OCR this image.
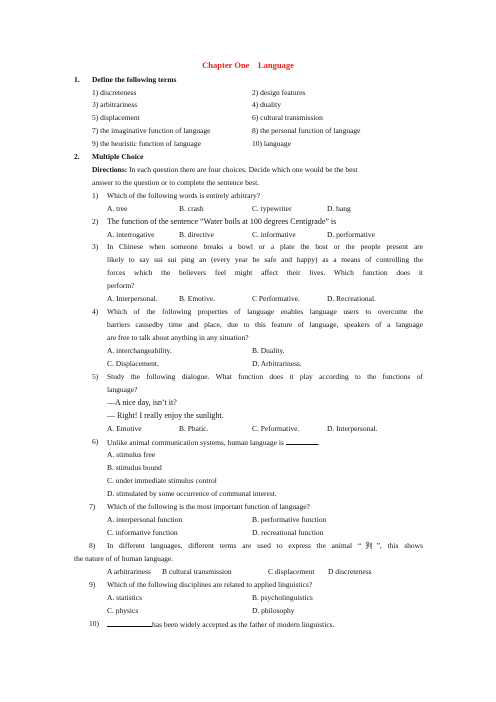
Chapter One    Language
1. Define the following terms
1) discreteness	2) design features
3) arbitrariness	4) duality
5) displacement	6) cultural transmission
7) the imaginative function of language	8) the personal function of language
9) the heuristic function of language	10) language
2. Multiple Choice
Directions: In each question there are four choices. Decide which one would be the best
answer to the question or to complete the sentence best.
1) Which of the following words is entirely arbitrary?
A. tree	B. crash	C. typewriter	D. bang
2) The function of the sentence “Water boils at 100 degrees Centigrade” is
A. interrogative	B. directive	C. informative	D. performative
3) In Chinese when someone breaks a bowl or a plate the host or the people present are
likely to say sui sui ping an (every year be safe and happy) as a means of controlling the
forces which the believers feel might affect their lives. Which function does it
perform?
A. Interpersonal.	B. Emotive.	C Performative.	D. Recreational.
4) Which of the following properties of language enables language users to overcome the
barriers causedby time and place, due to this feature of language, speakers of a language
are free to talk about anything in any situation?
A. interchangeability.	B. Duality.
C. Displacement.	D. Arbitrariness.
5) Study the following dialogue. What function does it play according to the functions of
language?
—A nice day, isn’t it?
— Right! I really enjoy the sunlight.
A. Emotive	B. Phatic.	C. Peformative.	D. Interpersonal.
6) Unlike animal communication systems, human language is	.
A. stimulus free
B. stimulus bound
C. under immediate stimulus control
D. stimulated by some occurrence of communal interest.
7) Which of the following is the most important function of language?
A. interpersonal function	B. performative function
C. informative function	D. recreational function
8) In different languages, different terms are used to express the animal “狗”, this shows
the nature of of human language.
A arbitrariness B cultural transmission	C displacement D discreteness
9) Which of the following disciplines are related to applied linguistics?
A. statistics	B. psycholinguistics
C. physics	D. philosophy
10)	has been widely accepted as the father of modern linguistics.
